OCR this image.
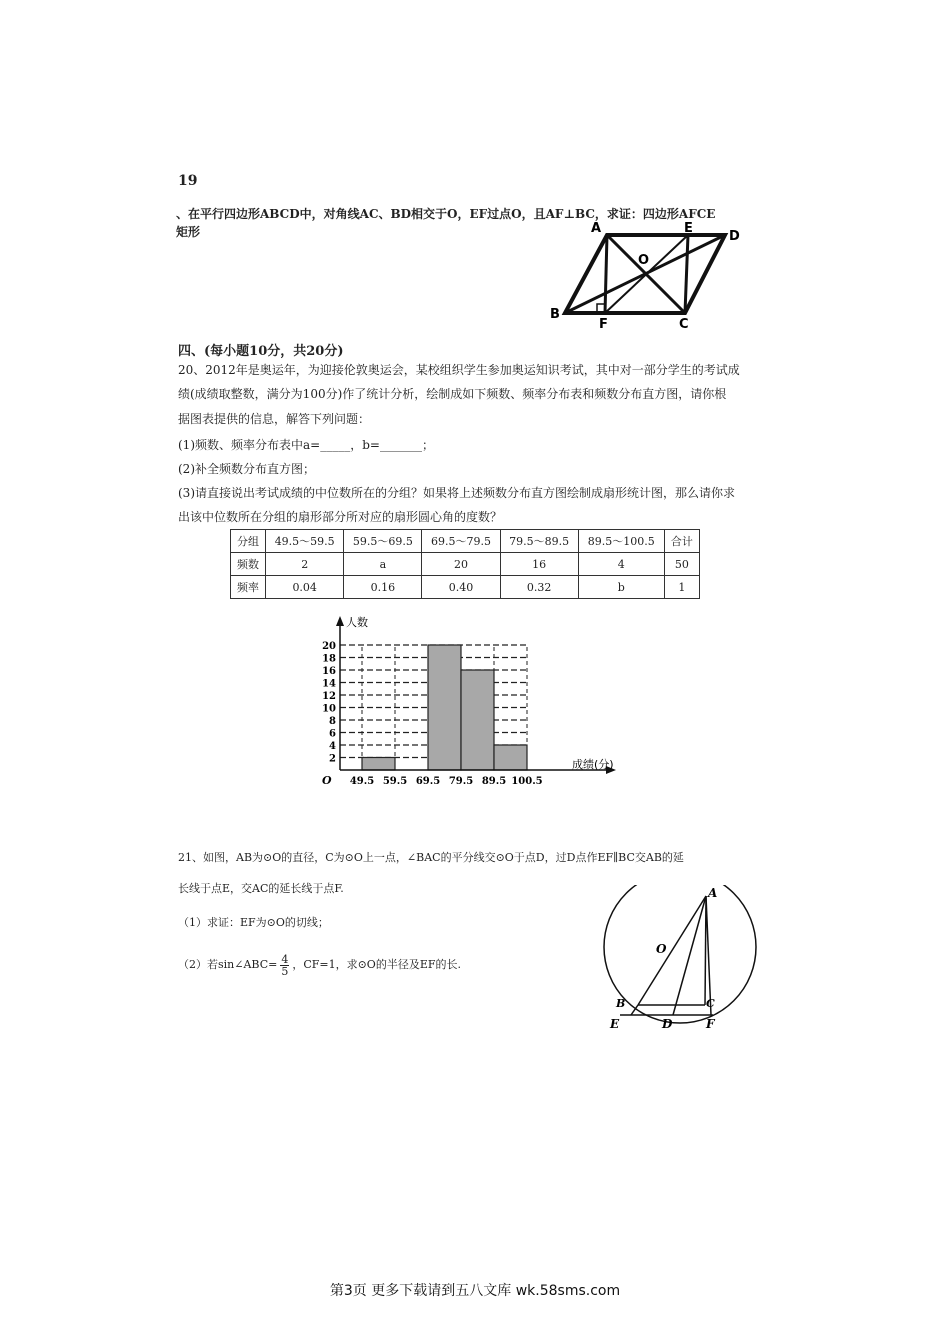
19
、在平行四边形ABCD中，对角线AC、BD相交于O，EF过点O，且AF⊥BC，求证：四边形AFCE
矩形	A	E
D
O
B
F	C
四、(每小题10分，共20分)
20、2012年是奥运年，为迎接伦敦奥运会，某校组织学生参加奥运知识考试，其中对一部分学生的考试成
绩(成绩取整数，满分为100分)作了统计分析，绘制成如下频数、频率分布表和频数分布直方图，请你根
据图表提供的信息，解答下列问题：
(1)频数、频率分布表中a=_____，b=_______；
(2)补全频数分布直方图；
(3)请直接说出考试成绩的中位数所在的分组？如果将上述频数分布直方图绘制成扇形统计图，那么请你求
出该中位数所在分组的扇形部分所对应的扇形圆心角的度数？
分组	49.5～59.5	59.5～69.5	69.5～79.5	79.5～89.5	89.5～100.5	合计
频数	2	a	20	16	4	50
频率	0.04	0.16	0.40	0.32	b	1
2
4
6
8
10
12
14
16
18
20
49.5 59.5 69.5 79.5 89.5 100.5
人数
成绩(分)
O
21、如图，AB为⊙O的直径，C为⊙O上一点，∠BAC的平分线交⊙O于点D，过D点作EF∥BC交AB的延
长线于点E，交AC的延长线于点F.
（1）求证：EF为⊙O的切线；
（2）若sin∠ABC= $\frac{4}{5}$ ，CF=1，求⊙O的半径及EF的长.
A
O
B	C
E	D	F
第3页 更多下载请到五八文库 wk.58sms.com
